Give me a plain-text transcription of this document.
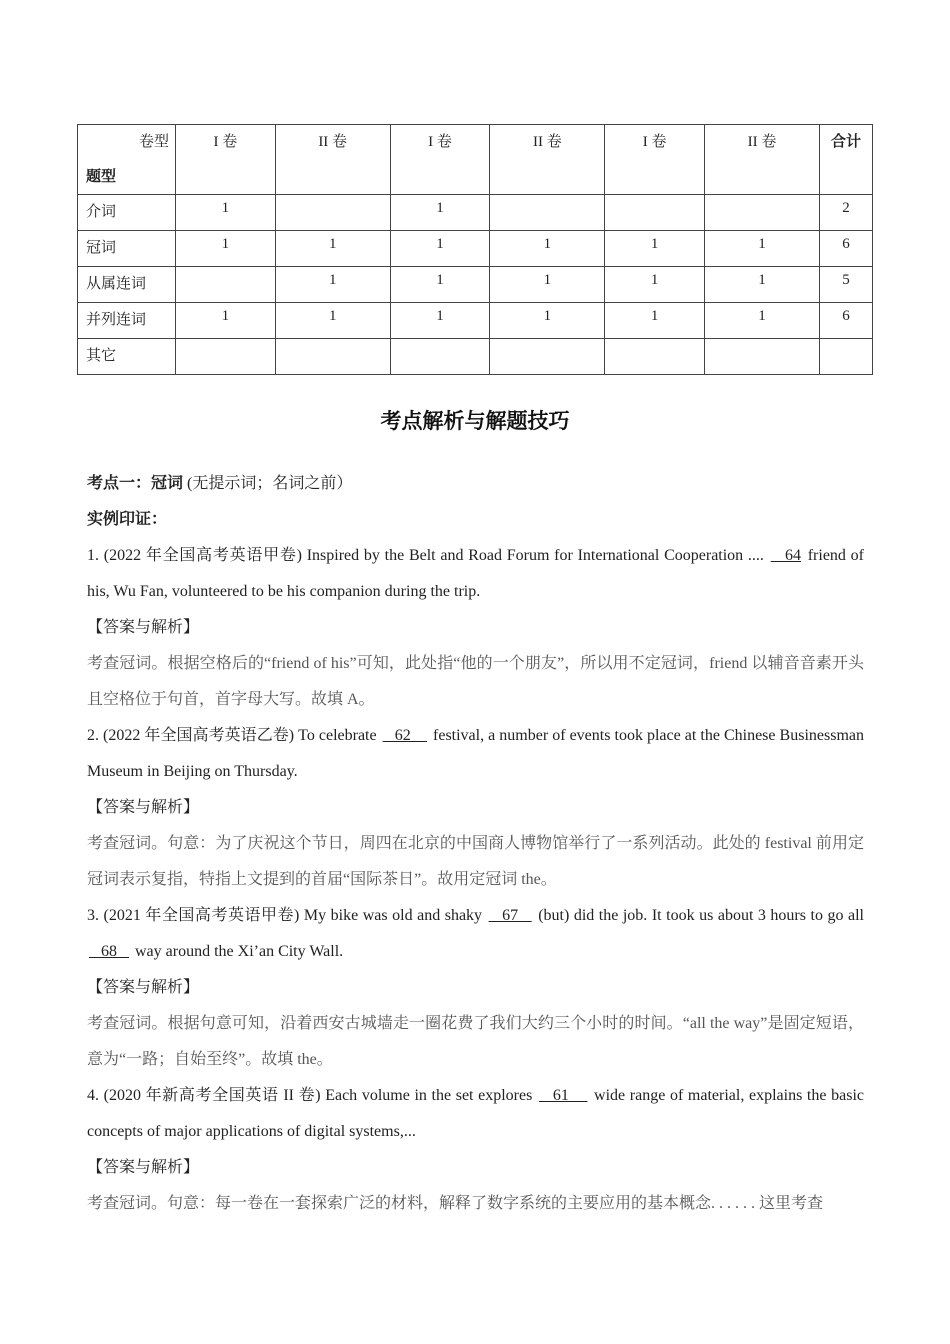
卷型
题型	I 卷	II 卷	I 卷	II 卷	I 卷	II 卷	合计
介词	1		1				2
冠词	1	1	1	1	1	1	6
从属连词		1	1	1	1	1	5
并列连词	1	1	1	1	1	1	6
其它							
考点解析与解题技巧

考点一：冠词 (无提示词；名词之前）

实例印证：

1. (2022 年全国高考英语甲卷) Inspired by the Belt and Road Forum for International Cooperation ....    64 friend of his, Wu Fan, volunteered to be his companion during the trip.

【答案与解析】

考查冠词。根据空格后的“friend of his”可知，此处指“他的一个朋友”，所以用不定冠词，friend 以辅音音素开头且空格位于句首，首字母大写。故填 A。

2. (2022 年全国高考英语乙卷) To celebrate    62     festival, a number of events took place at the Chinese Businessman Museum in Beijing on Thursday.

【答案与解析】

考查冠词。句意：为了庆祝这个节日，周四在北京的中国商人博物馆举行了一系列活动。此处的 festival 前用定冠词表示复指，特指上文提到的首届“国际茶日”。故用定冠词 the。

3. (2021 年全国高考英语甲卷) My bike was old and shaky    67    (but) did the job. It took us about 3 hours to go all    68    way around the Xi’an City Wall.

【答案与解析】

考查冠词。根据句意可知，沿着西安古城墙走一圈花费了我们大约三个小时的时间。“all the way”是固定短语，意为“一路；自始至终”。故填 the。

4. (2020 年新高考全国英语 II 卷) Each volume in the set explores    61     wide range of material, explains the basic concepts of major applications of digital systems,...

【答案与解析】

考查冠词。句意：每一卷在一套探索广泛的材料，解释了数字系统的主要应用的基本概念. . . . . . 这里考查
